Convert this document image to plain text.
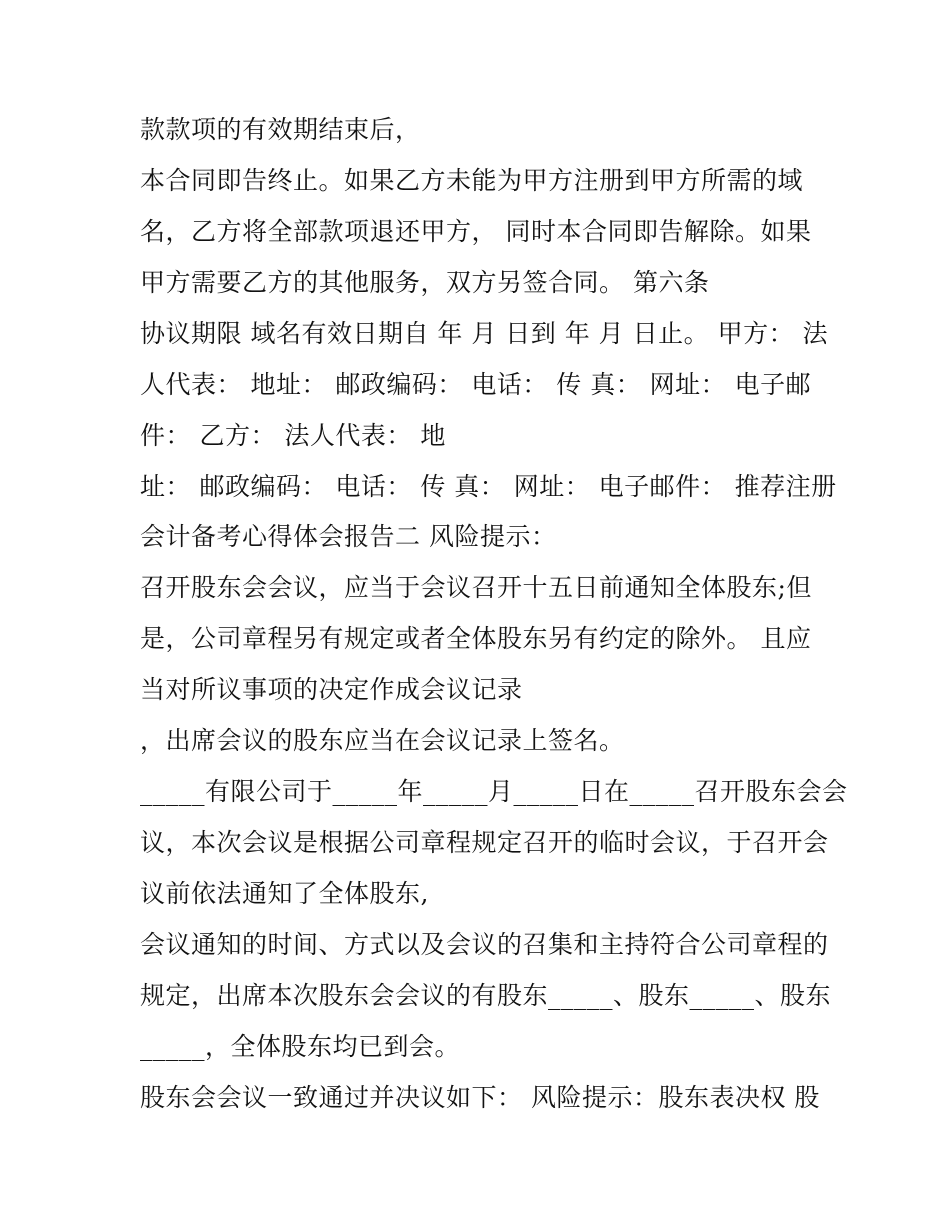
款款项的有效期结束后，
本合同即告终止。如果乙方未能为甲方注册到甲方所需的域
名，乙方将全部款项退还甲方， 同时本合同即告解除。如果
甲方需要乙方的其他服务，双方另签合同。 第六条
协议期限 域名有效日期自 年 月 日到 年 月 日止。 甲方： 法
人代表： 地址： 邮政编码： 电话： 传 真： 网址： 电子邮
件： 乙方： 法人代表： 地
址： 邮政编码： 电话： 传 真： 网址： 电子邮件： 推荐注册
会计备考心得体会报告二 风险提示：
召开股东会会议，应当于会议召开十五日前通知全体股东;但
是，公司章程另有规定或者全体股东另有约定的除外。 且应
当对所议事项的决定作成会议记录
，出席会议的股东应当在会议记录上签名。
_____有限公司于_____年_____月_____日在_____召开股东会会
议，本次会议是根据公司章程规定召开的临时会议，于召开会
议前依法通知了全体股东,
会议通知的时间、方式以及会议的召集和主持符合公司章程的
规定，出席本次股东会会议的有股东_____、股东_____、股东
_____，全体股东均已到会。
股东会会议一致通过并决议如下： 风险提示：股东表决权 股
